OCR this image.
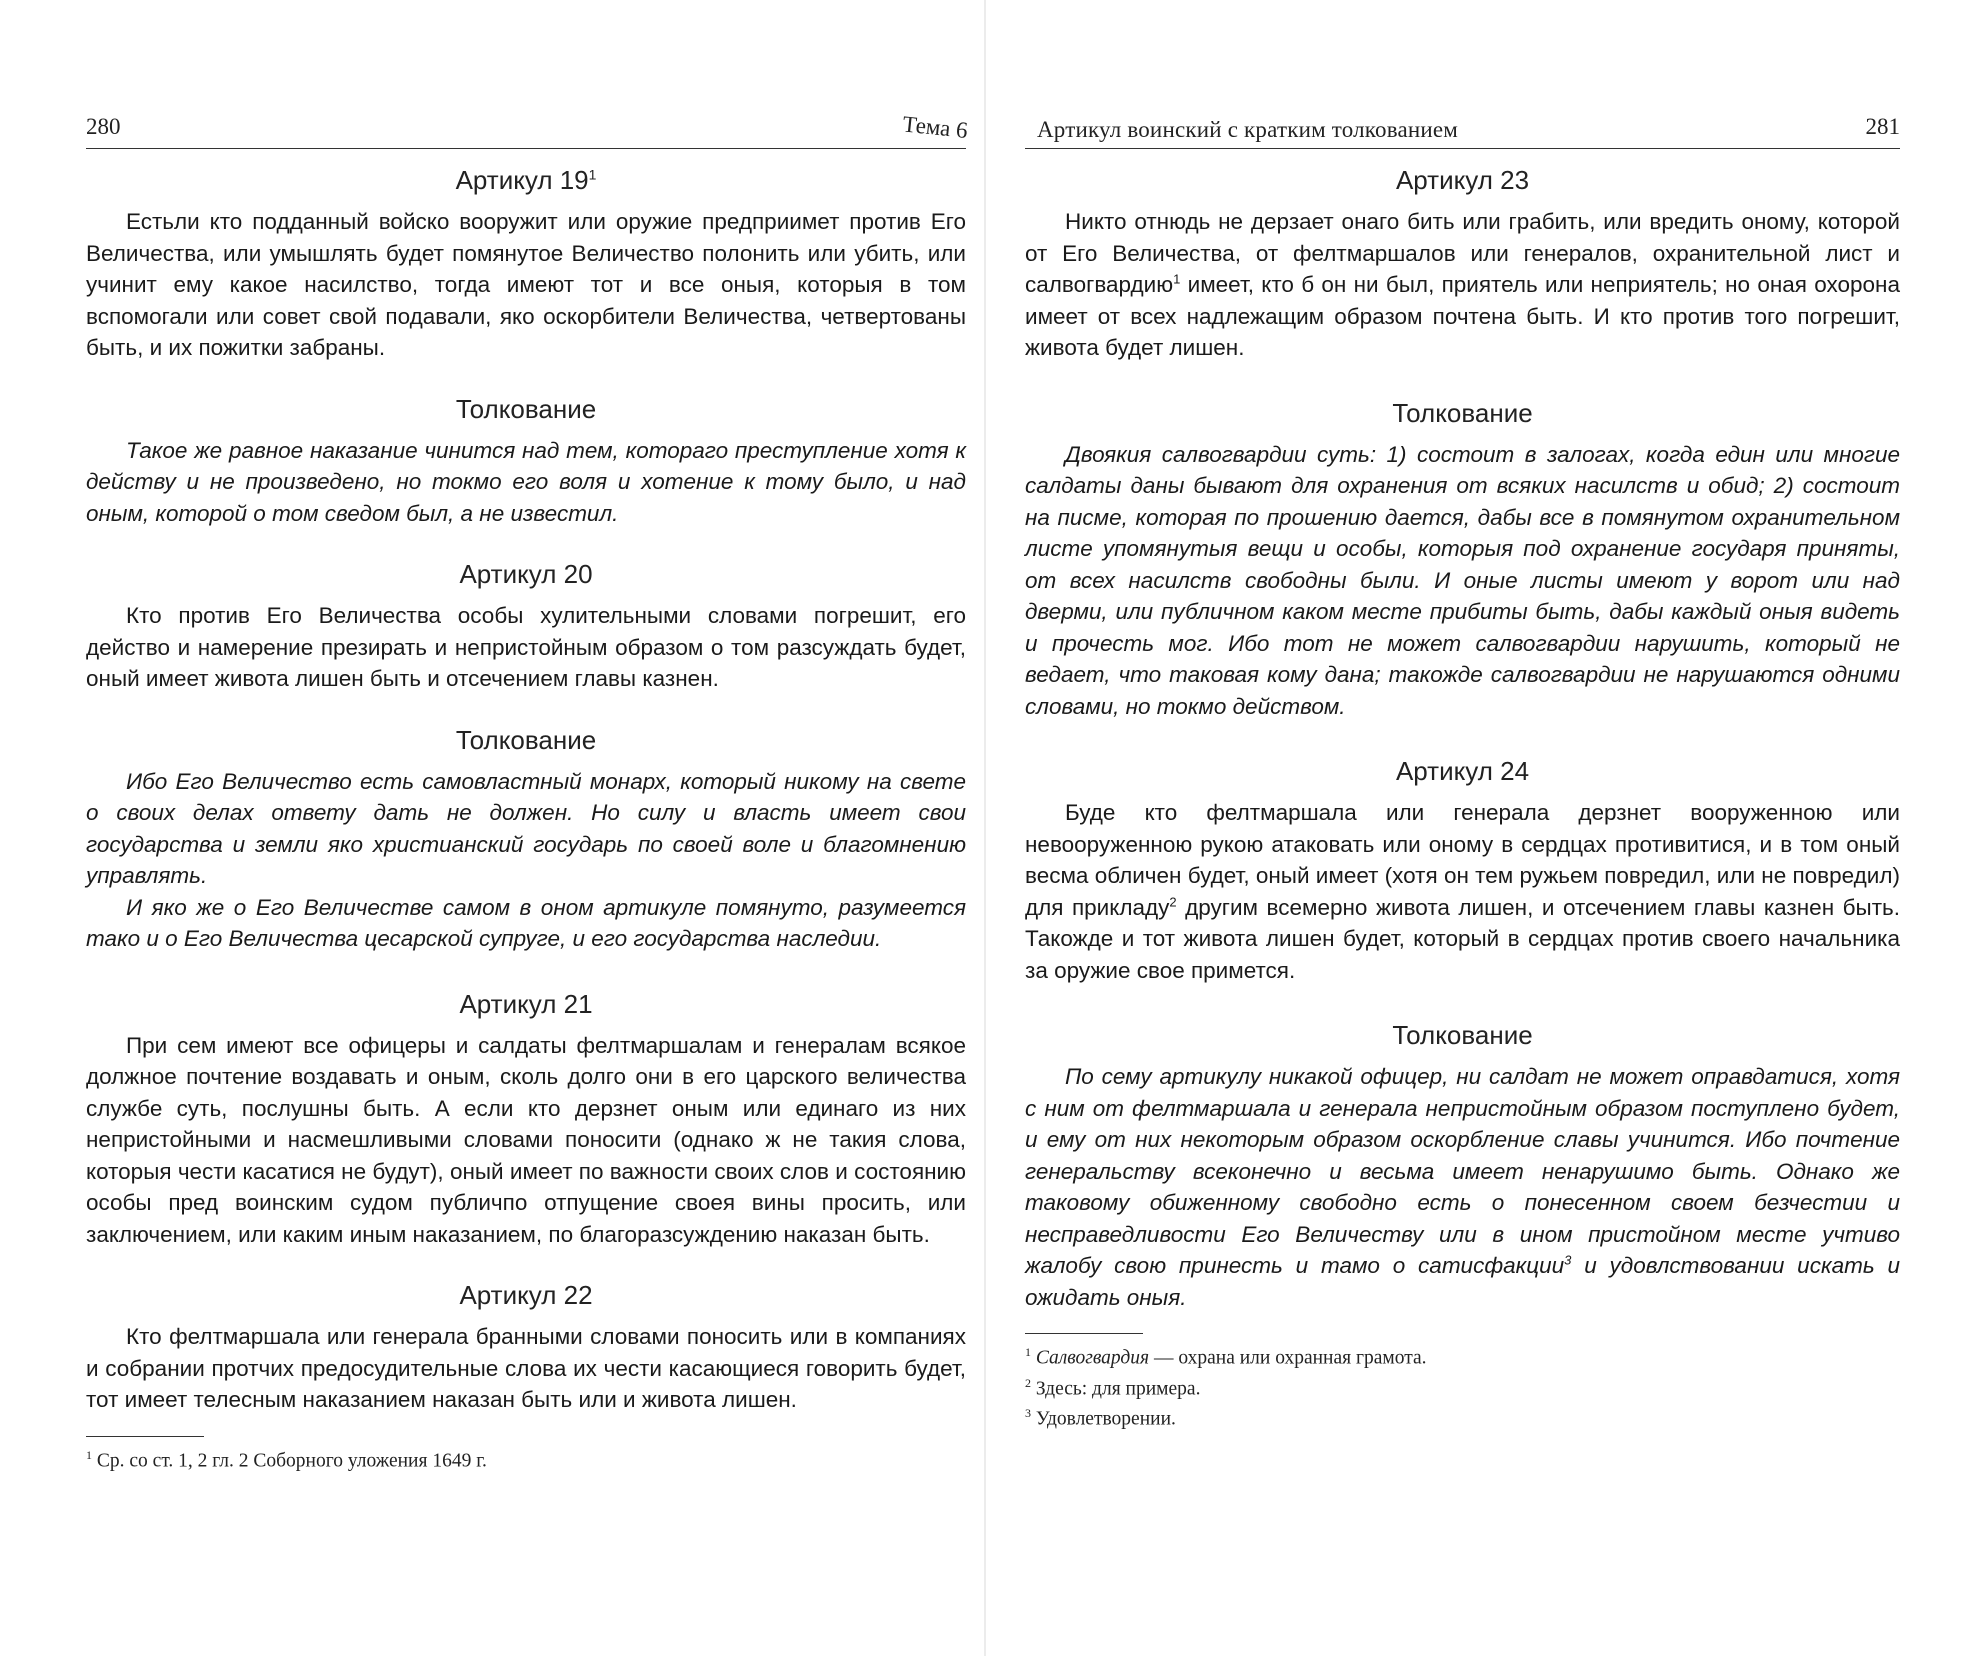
280	Тема 6
Артикул $19^1$

Естьли кто подданный войско вооружит или оружие предприимет против Его Величества, или умышлять будет помянутое Величество полонить или убить, или учинит ему какое насилство, тогда имеют тот и все оныя, которыя в том вспомогали или совет свой подавали, яко оскорбители Величества, четвертованы быть, и их пожитки забраны.

Толкование

Такое же равное наказание чинится над тем, котораго преступление хотя к действу и не произведено, но токмо его воля и хотение к тому было, и над оным, которой о том сведом был, а не известил.

Артикул 20

Кто против Его Величества особы хулительными словами погрешит, его действо и намерение презирать и непристойным образом о том разсуждать будет, оный имеет живота лишен быть и отсечением главы казнен.

Толкование

Ибо Его Величество есть самовластный монарх, который никому на свете о своих делах ответу дать не должен. Но силу и власть имеет свои государства и земли яко христианский государь по своей воле и благомнению управлять.

И яко же о Его Величестве самом в оном артикуле помянуто, разумеется тако и о Его Величества цесарской супруге, и его государства наследии.

Артикул 21

При сем имеют все офицеры и салдаты фелтмаршалам и генералам всякое должное почтение воздавать и оным, сколь долго они в его царского величества службе суть, послушны быть. А если кто дерзнет оным или единаго из них непристойными и насмешливыми словами поносити (однако ж не такия слова, которыя чести касатися не будут), оный имеет по важности своих слов и состоянию особы пред воинским судом публичпо отпущение своея вины просить, или заключением, или каким иным наказанием, по благоразсуждению наказан быть.

Артикул 22

Кто фелтмаршала или генерала бранными словами поносить или в компаниях и собрании протчих предосудительные слова их чести касающиеся говорить будет, тот имеет телесным наказанием наказан быть или и живота лишен.

$^1$ Ср. со ст. 1, 2 гл. 2 Соборного уложения 1649 г.
Артикул воинский с кратким толкованием	281
Артикул 23

Никто отнюдь не дерзает онаго бить или грабить, или вредить оному, которой от Его Величества, от фелтмаршалов или генералов, охранительной лист и салвогвардию$^1$ имеет, кто б он ни был, приятель или неприятель; но оная охорона имеет от всех надлежащим образом почтена быть. И кто против того погрешит, живота будет лишен.

Толкование

Двоякия салвогвардии суть: 1) состоит в залогах, когда един или многие салдаты даны бывают для охранения от всяких насилств и обид; 2) состоит на писме, которая по прошению дается, дабы все в помянутом охранительном листе упомянутыя вещи и особы, которыя под охранение государя приняты, от всех насилств свободны были. И оные листы имеют у ворот или над дверми, или публичном каком месте прибиты быть, дабы каждый оныя видеть и прочесть мог. Ибо тот не может салвогвардии нарушить, который не ведает, что таковая кому дана; такожде салвогвардии не нарушаются одними словами, но токмо действом.

Артикул 24

Буде кто фелтмаршала или генерала дерзнет вооруженною или невооруженною рукою атаковать или оному в сердцах противитися, и в том оный весма обличен будет, оный имеет (хотя он тем ружьем повредил, или не повредил) для прикладу$^2$ другим всемерно живота лишен, и отсечением главы казнен быть. Такожде и тот живота лишен будет, который в сердцах против своего начальника за оружие свое примется.

Толкование

По сему артикулу никакой офицер, ни салдат не может оправдатися, хотя с ним от фелтмаршала и генерала непристойным образом поступлено будет, и ему от них некоторым образом оскорбление славы учинится. Ибо почтение генеральству всеконечно и весьма имеет ненарушимо быть. Однако же таковому обиженному свободно есть о понесенном своем безчестии и несправедливости Его Величеству или в ином пристойном месте учтиво жалобу свою принесть и тамо о сатисфакции$^3$ и удовлствовании искать и ожидать оныя.

$^1$ Салвогвардия — охрана или охранная грамота.
$^2$ Здесь: для примера.
$^3$ Удовлетворении.
